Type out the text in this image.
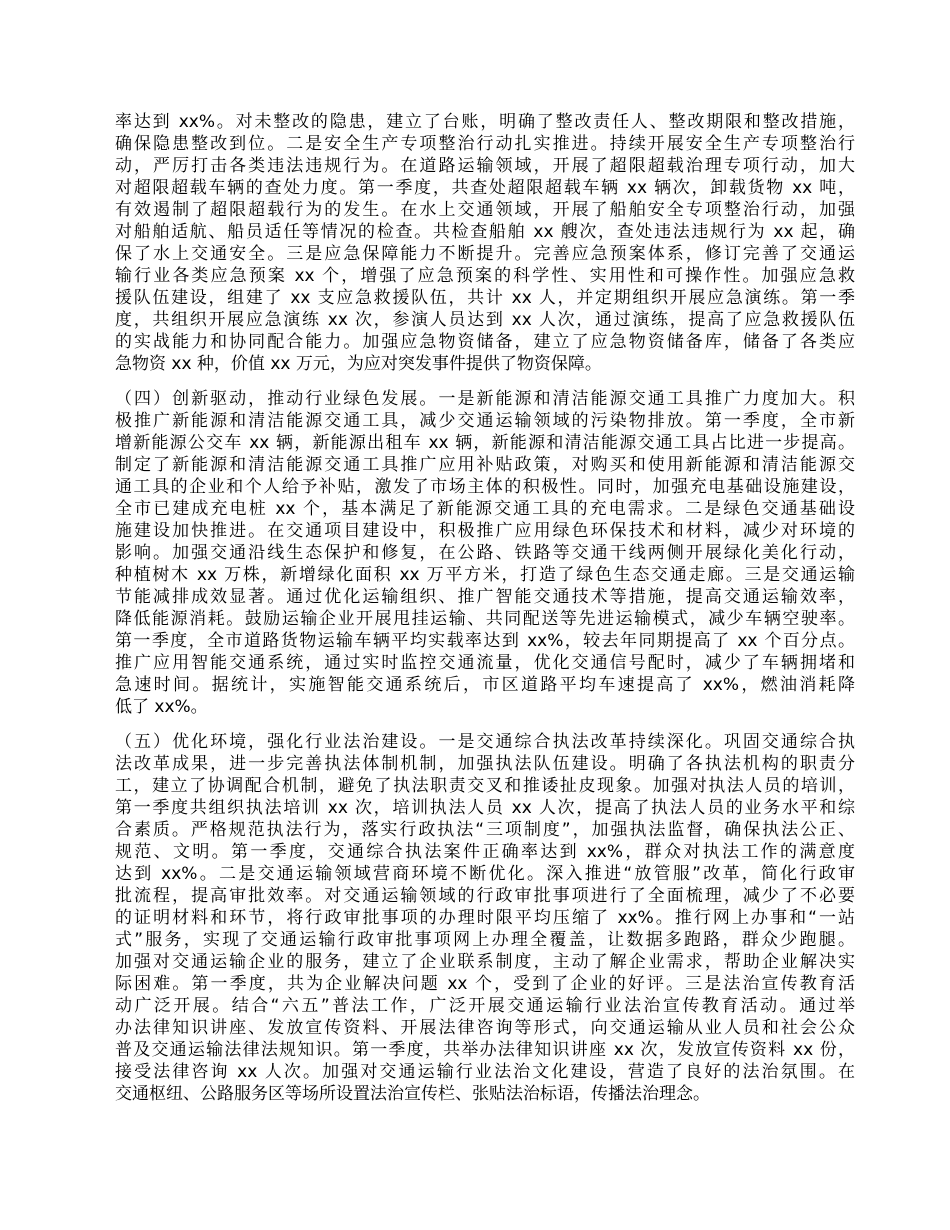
率达到 xx%。对未整改的隐患，建立了台账，明确了整改责任人、整改期限和整改措施，
确保隐患整改到位。二是安全生产专项整治行动扎实推进。持续开展安全生产专项整治行
动，严厉打击各类违法违规行为。在道路运输领域，开展了超限超载治理专项行动，加大
对超限超载车辆的查处力度。第一季度，共查处超限超载车辆 xx 辆次，卸载货物 xx 吨，
有效遏制了超限超载行为的发生。在水上交通领域，开展了船舶安全专项整治行动，加强
对船舶适航、船员适任等情况的检查。共检查船舶 xx 艘次，查处违法违规行为 xx 起，确
保了水上交通安全。三是应急保障能力不断提升。完善应急预案体系，修订完善了交通运
输行业各类应急预案 xx 个，增强了应急预案的科学性、实用性和可操作性。加强应急救
援队伍建设，组建了 xx 支应急救援队伍，共计 xx 人，并定期组织开展应急演练。第一季
度，共组织开展应急演练 xx 次，参演人员达到 xx 人次，通过演练，提高了应急救援队伍
的实战能力和协同配合能力。加强应急物资储备，建立了应急物资储备库，储备了各类应
急物资 xx 种，价值 xx 万元，为应对突发事件提供了物资保障。
（四）创新驱动，推动行业绿色发展。一是新能源和清洁能源交通工具推广力度加大。积
极推广新能源和清洁能源交通工具，减少交通运输领域的污染物排放。第一季度，全市新
增新能源公交车 xx 辆，新能源出租车 xx 辆，新能源和清洁能源交通工具占比进一步提高。
制定了新能源和清洁能源交通工具推广应用补贴政策，对购买和使用新能源和清洁能源交
通工具的企业和个人给予补贴，激发了市场主体的积极性。同时，加强充电基础设施建设，
全市已建成充电桩 xx 个，基本满足了新能源交通工具的充电需求。二是绿色交通基础设
施建设加快推进。在交通项目建设中，积极推广应用绿色环保技术和材料，减少对环境的
影响。加强交通沿线生态保护和修复，在公路、铁路等交通干线两侧开展绿化美化行动，
种植树木 xx 万株，新增绿化面积 xx 万平方米，打造了绿色生态交通走廊。三是交通运输
节能减排成效显著。通过优化运输组织、推广智能交通技术等措施，提高交通运输效率，
降低能源消耗。鼓励运输企业开展甩挂运输、共同配送等先进运输模式，减少车辆空驶率。
第一季度，全市道路货物运输车辆平均实载率达到 xx%，较去年同期提高了 xx 个百分点。
推广应用智能交通系统，通过实时监控交通流量，优化交通信号配时，减少了车辆拥堵和
急速时间。据统计，实施智能交通系统后，市区道路平均车速提高了 xx%，燃油消耗降
低了 xx%。
（五）优化环境，强化行业法治建设。一是交通综合执法改革持续深化。巩固交通综合执
法改革成果，进一步完善执法体制机制，加强执法队伍建设。明确了各执法机构的职责分
工，建立了协调配合机制，避免了执法职责交叉和推诿扯皮现象。加强对执法人员的培训，
第一季度共组织执法培训 xx 次，培训执法人员 xx 人次，提高了执法人员的业务水平和综
合素质。严格规范执法行为，落实行政执法“三项制度”，加强执法监督，确保执法公正、
规范、文明。第一季度，交通综合执法案件正确率达到 xx%，群众对执法工作的满意度
达到 xx%。二是交通运输领域营商环境不断优化。深入推进“放管服”改革，简化行政审
批流程，提高审批效率。对交通运输领域的行政审批事项进行了全面梳理，减少了不必要
的证明材料和环节，将行政审批事项的办理时限平均压缩了 xx%。推行网上办事和“一站
式”服务，实现了交通运输行政审批事项网上办理全覆盖，让数据多跑路，群众少跑腿。
加强对交通运输企业的服务，建立了企业联系制度，主动了解企业需求，帮助企业解决实
际困难。第一季度，共为企业解决问题 xx 个，受到了企业的好评。三是法治宣传教育活
动广泛开展。结合“六五”普法工作，广泛开展交通运输行业法治宣传教育活动。通过举
办法律知识讲座、发放宣传资料、开展法律咨询等形式，向交通运输从业人员和社会公众
普及交通运输法律法规知识。第一季度，共举办法律知识讲座 xx 次，发放宣传资料 xx 份，
接受法律咨询 xx 人次。加强对交通运输行业法治文化建设，营造了良好的法治氛围。在
交通枢纽、公路服务区等场所设置法治宣传栏、张贴法治标语，传播法治理念。
